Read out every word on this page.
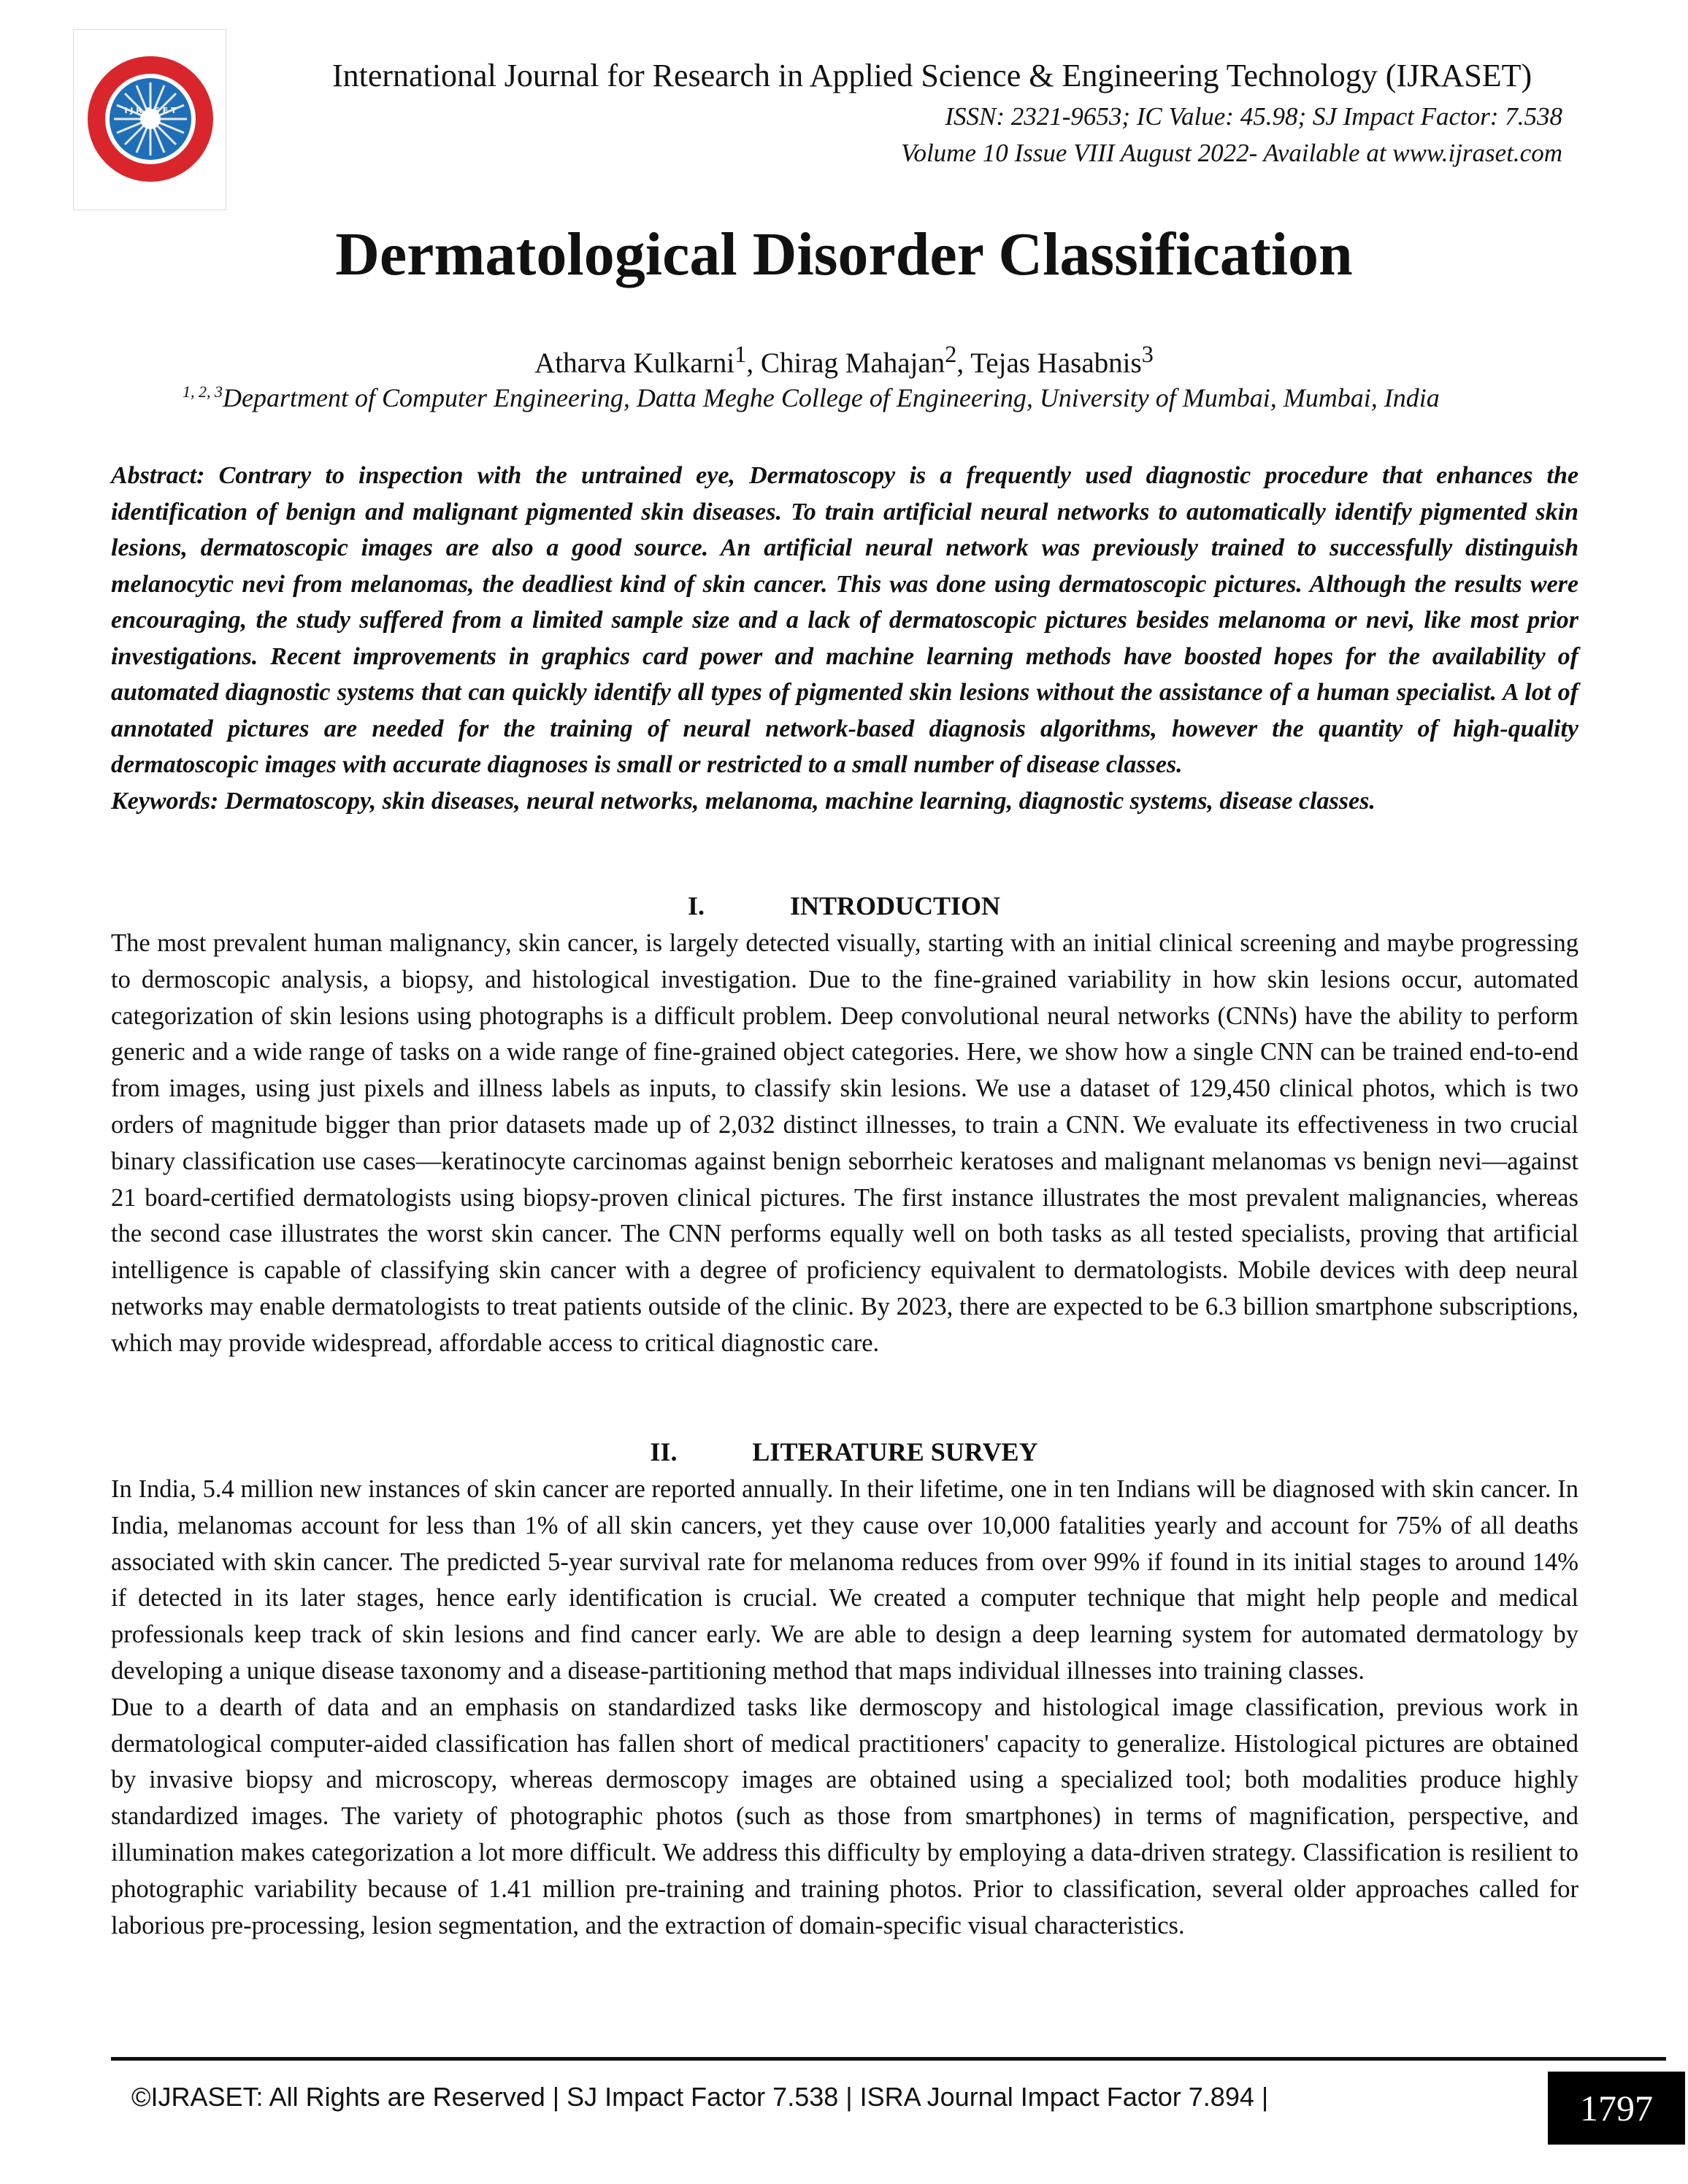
I J R A S E T
International Journal for Research in Applied Science & Engineering Technology (IJRASET)
ISSN: 2321-9653; IC Value: 45.98; SJ Impact Factor: 7.538
Volume 10 Issue VIII August 2022- Available at www.ijraset.com
Dermatological Disorder Classification
Atharva Kulkarni$^1$, Chirag Mahajan$^2$, Tejas Hasabnis$^3$
$^{1, 2, 3}$Department of Computer Engineering, Datta Meghe College of Engineering, University of Mumbai, Mumbai, India

Abstract: Contrary to inspection with the untrained eye, Dermatoscopy is a frequently used diagnostic procedure that enhances the identification of benign and malignant pigmented skin diseases. To train artificial neural networks to automatically identify pigmented skin lesions, dermatoscopic images are also a good source. An artificial neural network was previously trained to successfully distinguish melanocytic nevi from melanomas, the deadliest kind of skin cancer. This was done using dermatoscopic pictures. Although the results were encouraging, the study suffered from a limited sample size and a lack of dermatoscopic pictures besides melanoma or nevi, like most prior investigations. Recent improvements in graphics card power and machine learning methods have boosted hopes for the availability of automated diagnostic systems that can quickly identify all types of pigmented skin lesions without the assistance of a human specialist. A lot of annotated pictures are needed for the training of neural network-based diagnosis algorithms, however the quantity of high-quality dermatoscopic images with accurate diagnoses is small or restricted to a small number of disease classes.

Keywords: Dermatoscopy, skin diseases, neural networks, melanoma, machine learning, diagnostic systems, disease classes.

I.	INTRODUCTION

The most prevalent human malignancy, skin cancer, is largely detected visually, starting with an initial clinical screening and maybe progressing to dermoscopic analysis, a biopsy, and histological investigation. Due to the fine-grained variability in how skin lesions occur, automated categorization of skin lesions using photographs is a difficult problem. Deep convolutional neural networks (CNNs) have the ability to perform generic and a wide range of tasks on a wide range of fine-grained object categories. Here, we show how a single CNN can be trained end-to-end from images, using just pixels and illness labels as inputs, to classify skin lesions. We use a dataset of 129,450 clinical photos, which is two orders of magnitude bigger than prior datasets made up of 2,032 distinct illnesses, to train a CNN. We evaluate its effectiveness in two crucial binary classification use cases—keratinocyte carcinomas against benign seborrheic keratoses and malignant melanomas vs benign nevi—against 21 board-certified dermatologists using biopsy-proven clinical pictures. The first instance illustrates the most prevalent malignancies, whereas the second case illustrates the worst skin cancer. The CNN performs equally well on both tasks as all tested specialists, proving that artificial intelligence is capable of classifying skin cancer with a degree of proficiency equivalent to dermatologists. Mobile devices with deep neural networks may enable dermatologists to treat patients outside of the clinic. By 2023, there are expected to be 6.3 billion smartphone subscriptions, which may provide widespread, affordable access to critical diagnostic care.

II.	LITERATURE SURVEY

In India, 5.4 million new instances of skin cancer are reported annually. In their lifetime, one in ten Indians will be diagnosed with skin cancer. In India, melanomas account for less than 1% of all skin cancers, yet they cause over 10,000 fatalities yearly and account for 75% of all deaths associated with skin cancer. The predicted 5-year survival rate for melanoma reduces from over 99% if found in its initial stages to around 14% if detected in its later stages, hence early identification is crucial. We created a computer technique that might help people and medical professionals keep track of skin lesions and find cancer early. We are able to design a deep learning system for automated dermatology by developing a unique disease taxonomy and a disease-partitioning method that maps individual illnesses into training classes.

Due to a dearth of data and an emphasis on standardized tasks like dermoscopy and histological image classification, previous work in dermatological computer-aided classification has fallen short of medical practitioners' capacity to generalize. Histological pictures are obtained by invasive biopsy and microscopy, whereas dermoscopy images are obtained using a specialized tool; both modalities produce highly standardized images. The variety of photographic photos (such as those from smartphones) in terms of magnification, perspective, and illumination makes categorization a lot more difficult. We address this difficulty by employing a data-driven strategy. Classification is resilient to photographic variability because of 1.41 million pre-training and training photos. Prior to classification, several older approaches called for laborious pre-processing, lesion segmentation, and the extraction of domain-specific visual characteristics.

©IJRASET: All Rights are Reserved | SJ Impact Factor 7.538 | ISRA Journal Impact Factor 7.894 |	1797
